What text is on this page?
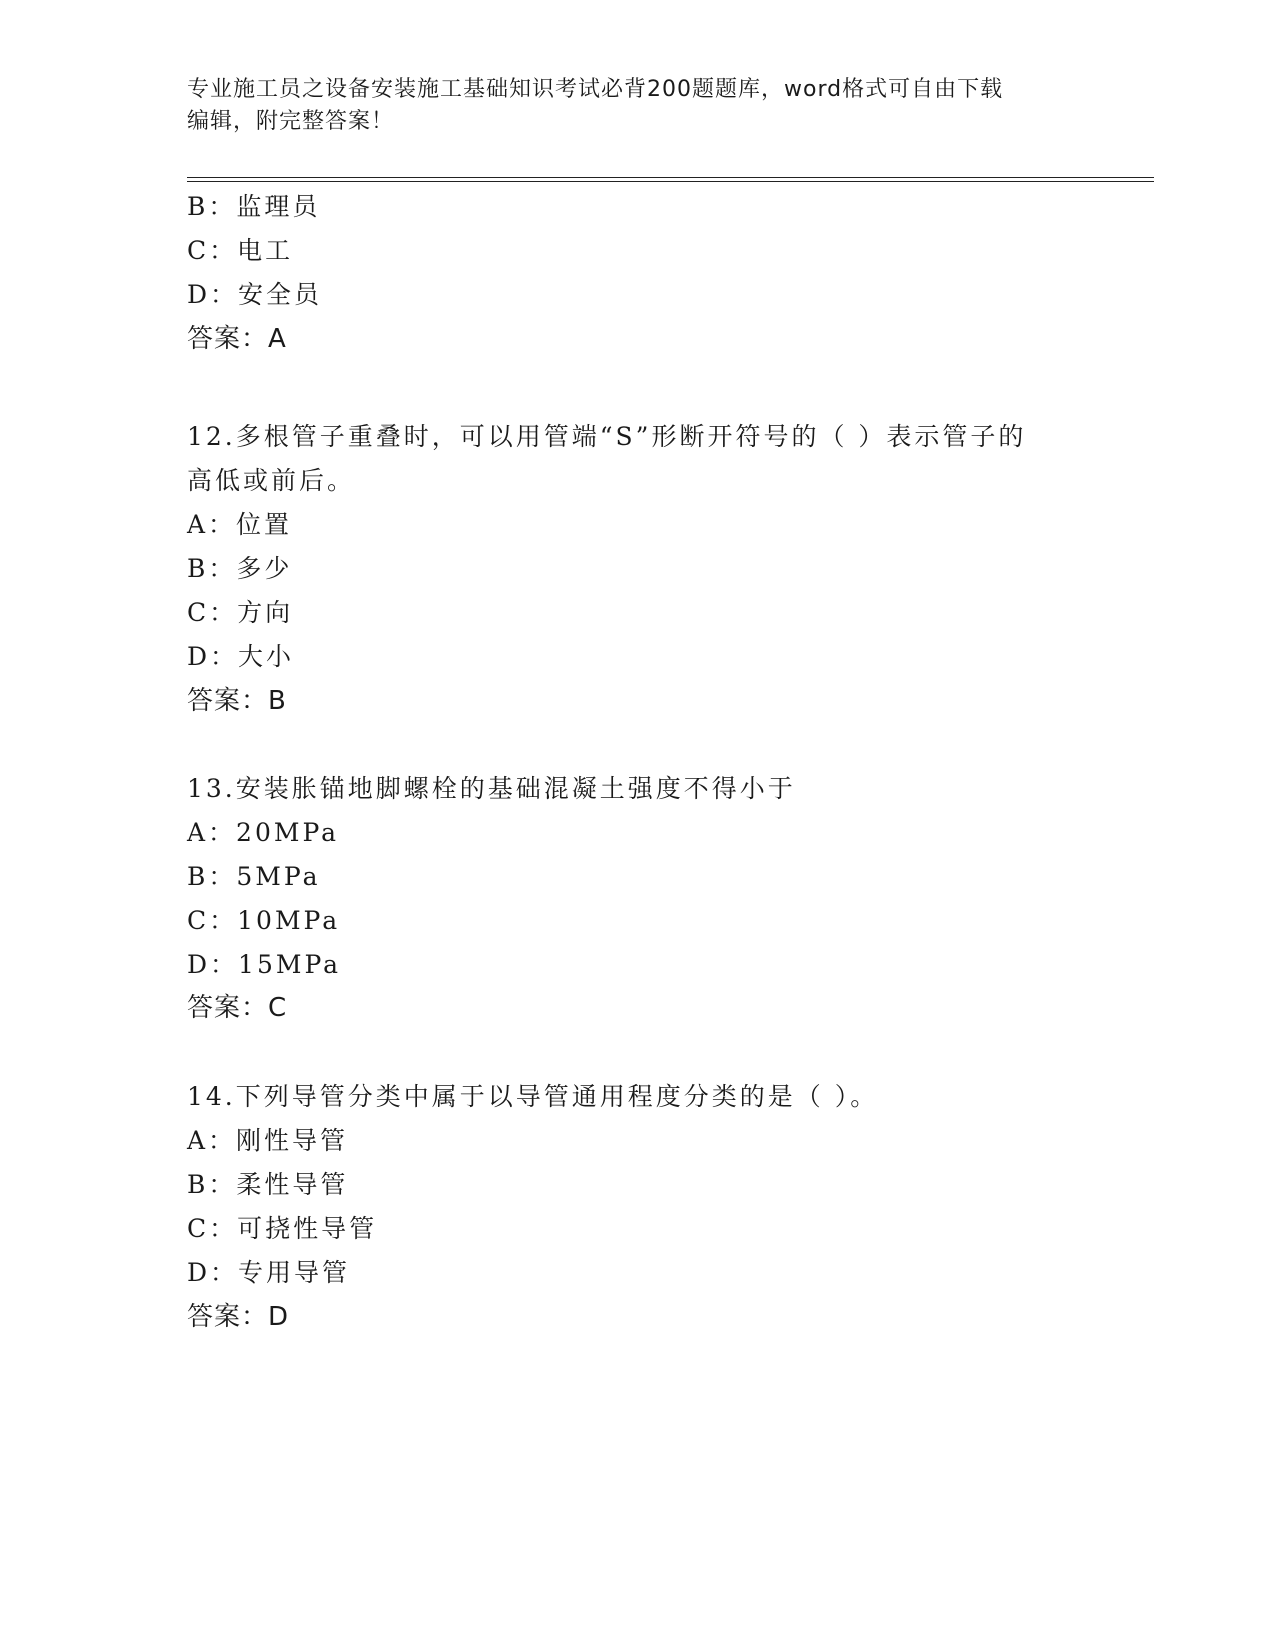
专业施工员之设备安装施工基础知识考试必背200题题库，word格式可自由下载
编辑，附完整答案！
B：监理员
C：电工
D：安全员
答案：A
12.多根管子重叠时，可以用管端“S”形断开符号的（ ）表示管子的
高低或前后。
A：位置
B：多少
C：方向
D：大小
答案：B
13.安装胀锚地脚螺栓的基础混凝土强度不得小于
A：20MPa
B：5MPa
C：10MPa
D：15MPa
答案：C
14.下列导管分类中属于以导管通用程度分类的是（ ）。
A：刚性导管
B：柔性导管
C：可挠性导管
D：专用导管
答案：D
